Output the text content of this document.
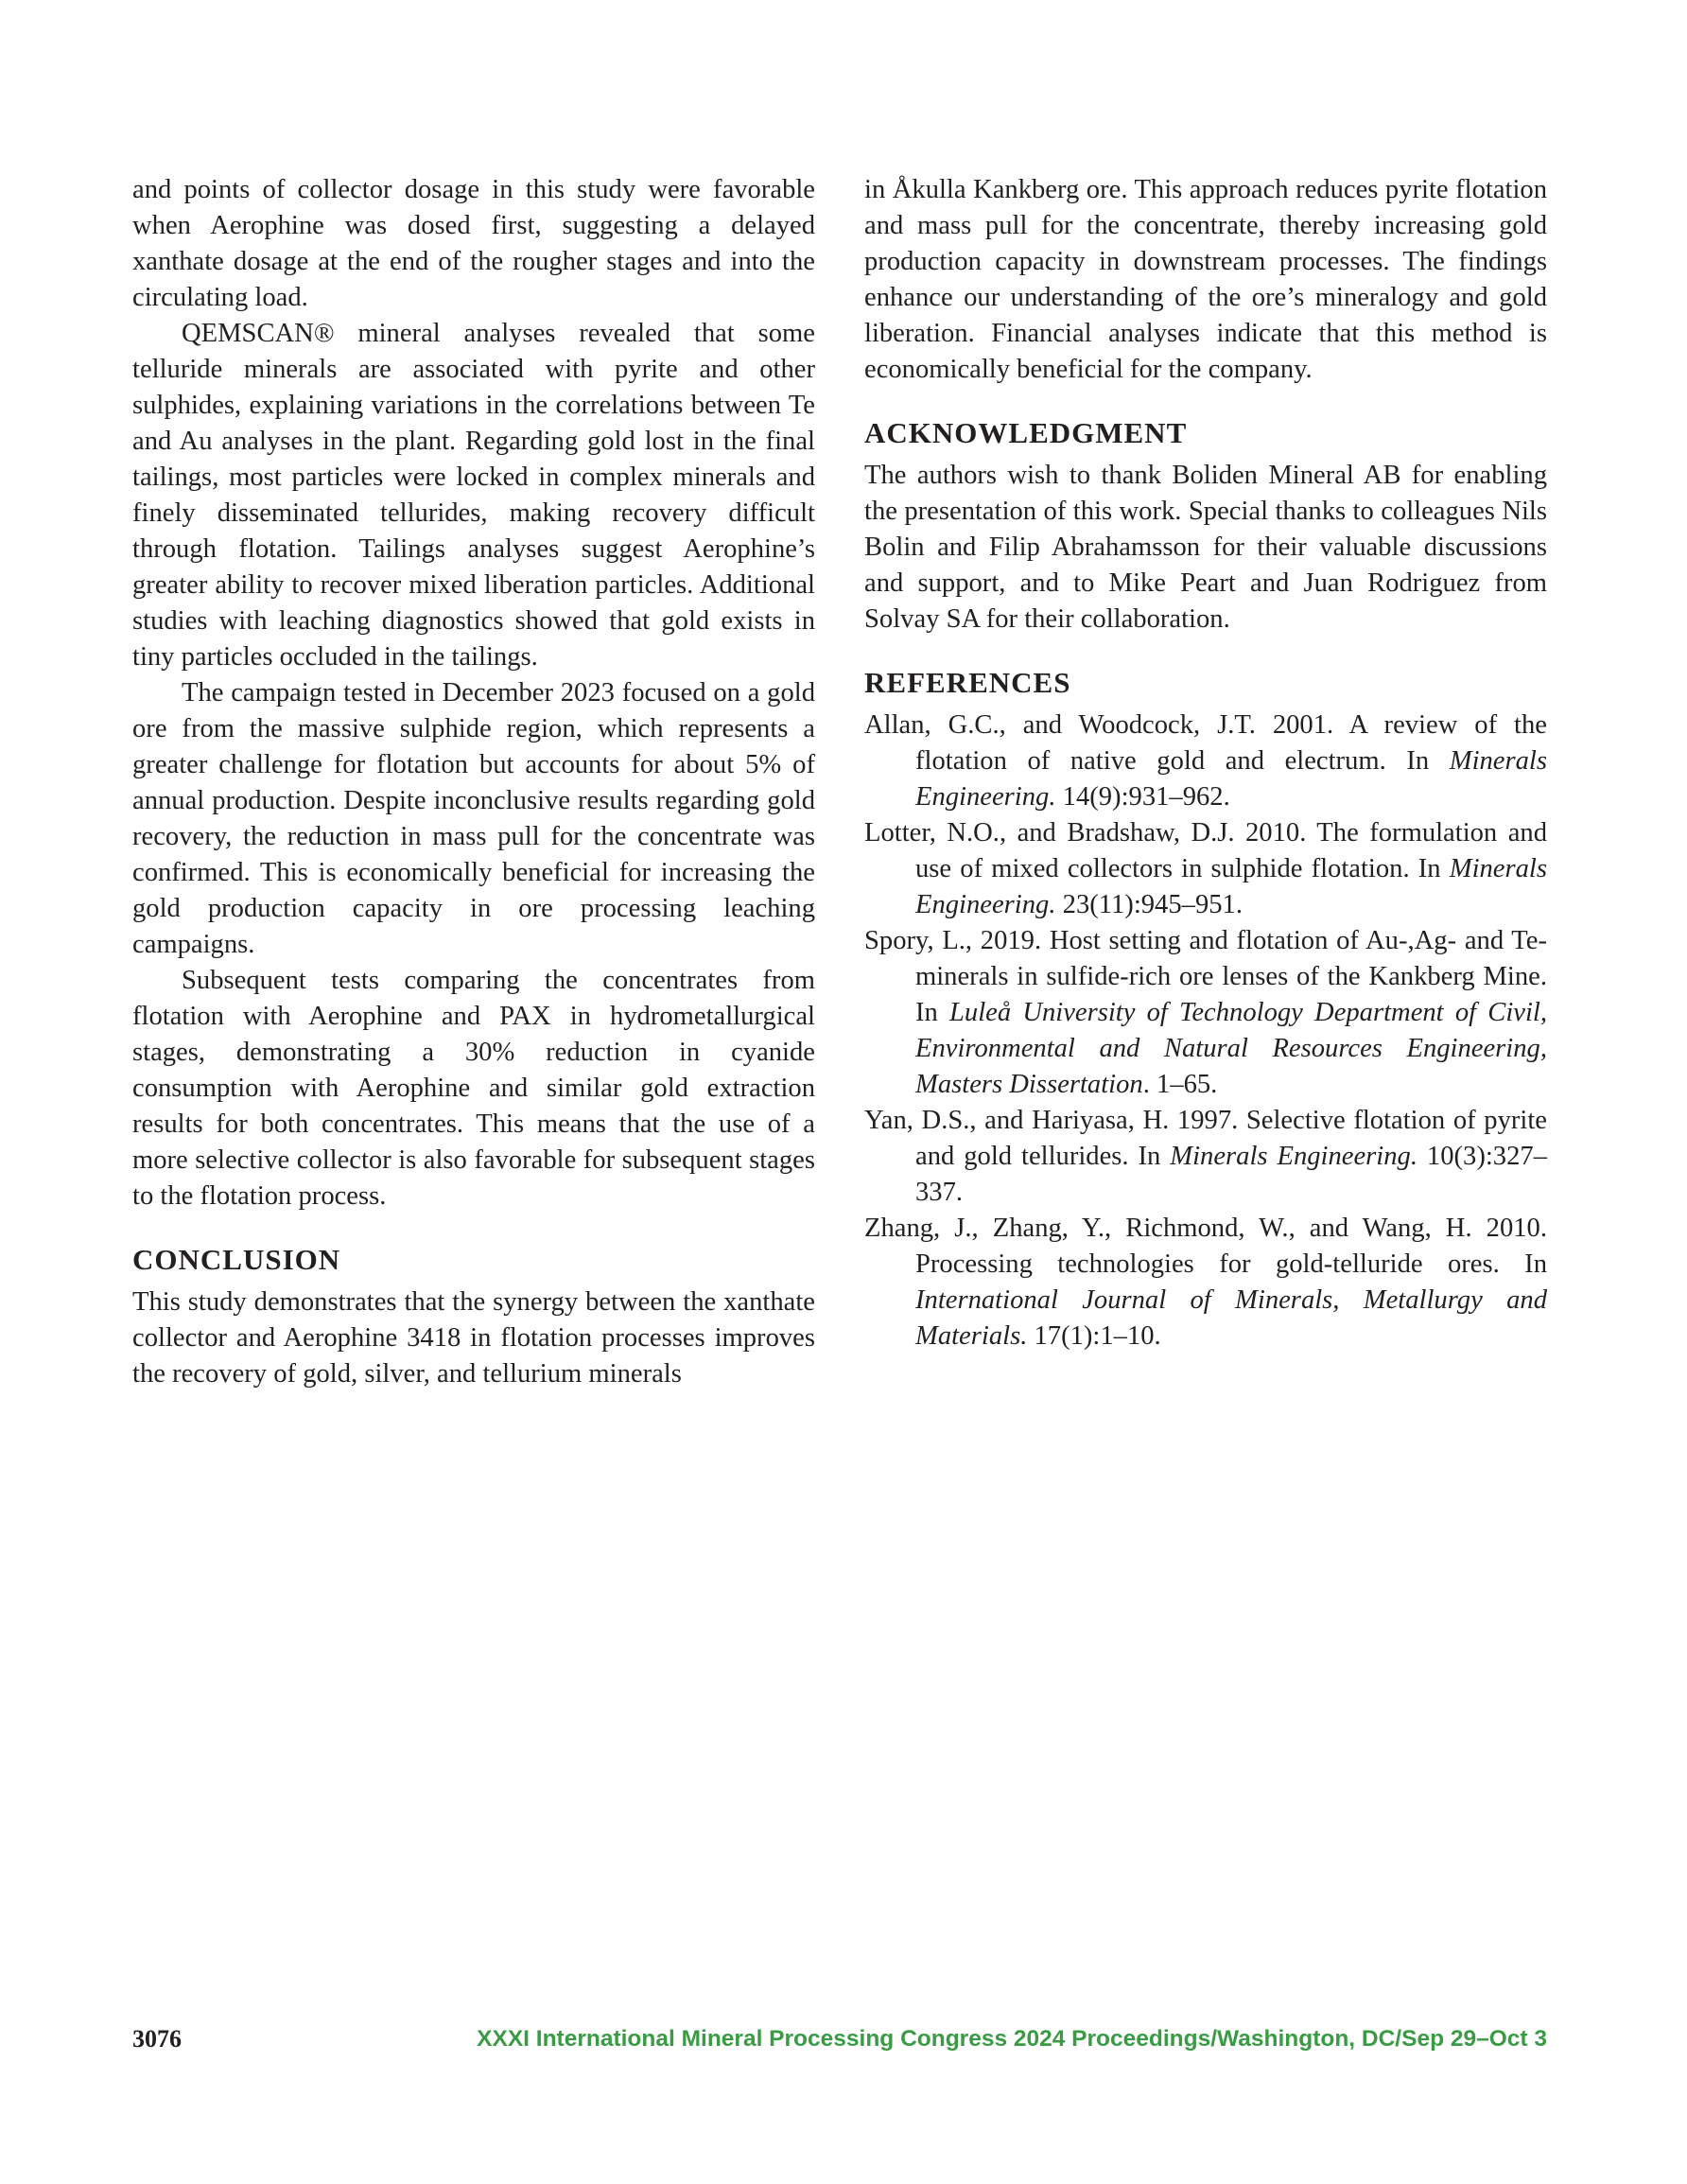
and points of collector dosage in this study were favorable when Aerophine was dosed first, suggesting a delayed xanthate dosage at the end of the rougher stages and into the circulating load.

QEMSCAN® mineral analyses revealed that some telluride minerals are associated with pyrite and other sulphides, explaining variations in the correlations between Te and Au analyses in the plant. Regarding gold lost in the final tailings, most particles were locked in complex minerals and finely disseminated tellurides, making recovery difficult through flotation. Tailings analyses suggest Aerophine’s greater ability to recover mixed liberation particles. Additional studies with leaching diagnostics showed that gold exists in tiny particles occluded in the tailings.

The campaign tested in December 2023 focused on a gold ore from the massive sulphide region, which represents a greater challenge for flotation but accounts for about 5% of annual production. Despite inconclusive results regarding gold recovery, the reduction in mass pull for the concentrate was confirmed. This is economically beneficial for increasing the gold production capacity in ore processing leaching campaigns.

Subsequent tests comparing the concentrates from flotation with Aerophine and PAX in hydrometallurgical stages, demonstrating a 30% reduction in cyanide consumption with Aerophine and similar gold extraction results for both concentrates. This means that the use of a more selective collector is also favorable for subsequent stages to the flotation process.

CONCLUSION

This study demonstrates that the synergy between the xanthate collector and Aerophine 3418 in flotation processes improves the recovery of gold, silver, and tellurium minerals

in Åkulla Kankberg ore. This approach reduces pyrite flotation and mass pull for the concentrate, thereby increasing gold production capacity in downstream processes. The findings enhance our understanding of the ore’s mineralogy and gold liberation. Financial analyses indicate that this method is economically beneficial for the company.

ACKNOWLEDGMENT

The authors wish to thank Boliden Mineral AB for enabling the presentation of this work. Special thanks to colleagues Nils Bolin and Filip Abrahamsson for their valuable discussions and support, and to Mike Peart and Juan Rodriguez from Solvay SA for their collaboration.

REFERENCES

Allan, G.C., and Woodcock, J.T. 2001. A review of the flotation of native gold and electrum. In Minerals Engineering. 14(9):931–962.

Lotter, N.O., and Bradshaw, D.J. 2010. The formulation and use of mixed collectors in sulphide flotation. In Minerals Engineering. 23(11):945–951.

Spory, L., 2019. Host setting and flotation of Au-,Ag- and Te-minerals in sulfide-rich ore lenses of the Kankberg Mine. In Luleå University of Technology Department of Civil, Environmental and Natural Resources Engineering, Masters Dissertation. 1–65.

Yan, D.S., and Hariyasa, H. 1997. Selective flotation of pyrite and gold tellurides. In Minerals Engineering. 10(3):327–337.

Zhang, J., Zhang, Y., Richmond, W., and Wang, H. 2010. Processing technologies for gold-telluride ores. In International Journal of Minerals, Metallurgy and Materials. 17(1):1–10.

3076	XXXI International Mineral Processing Congress 2024 Proceedings/Washington, DC/Sep 29–Oct 3
